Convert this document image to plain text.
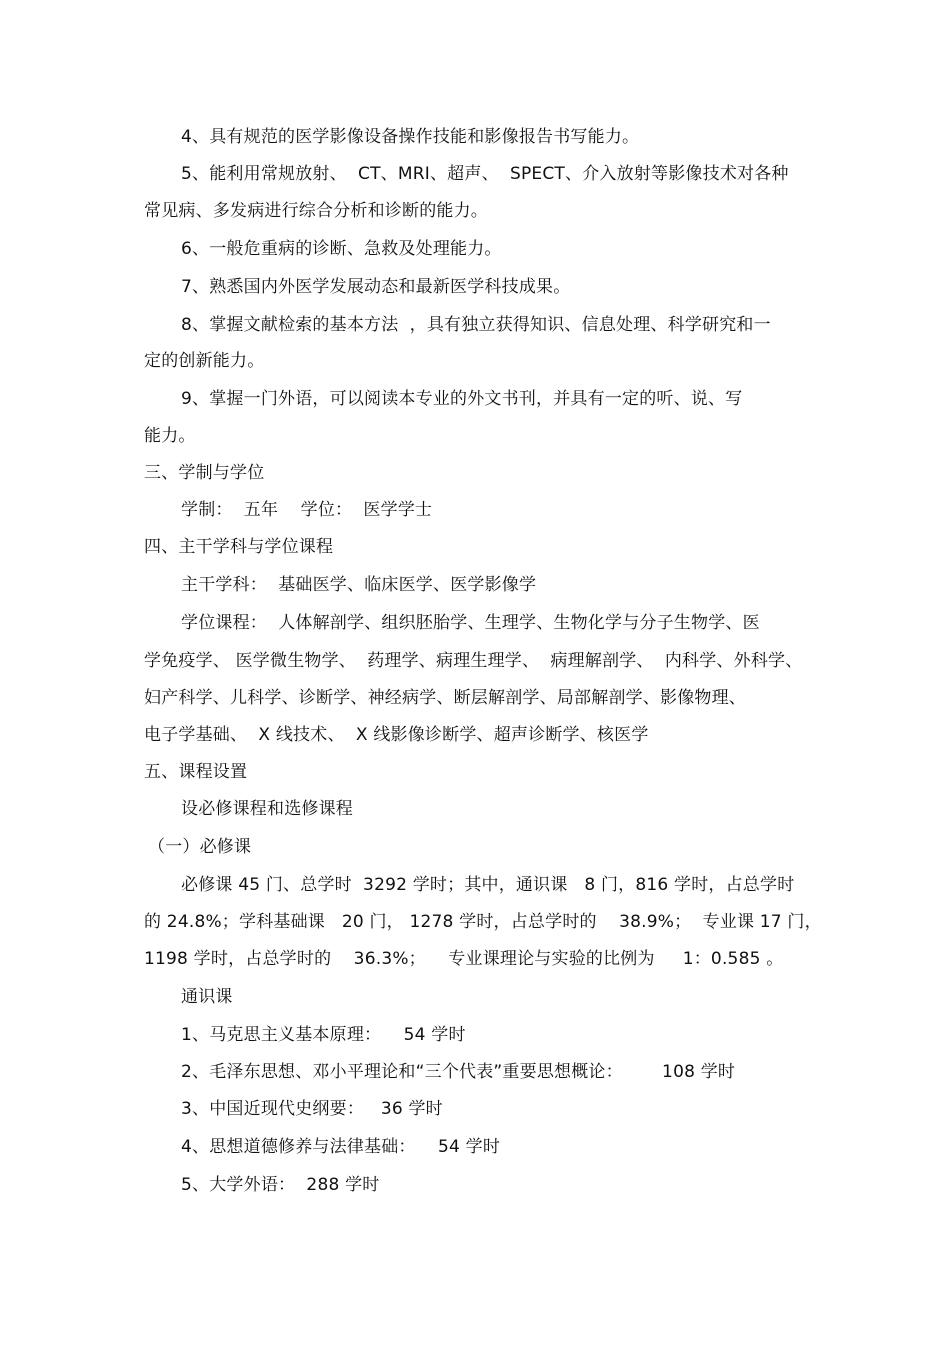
4、具有规范的医学影像设备操作技能和影像报告书写能力。
5、能利用常规放射、  CT、MRI、超声、  SPECT、介入放射等影像技术对各种
常见病、多发病进行综合分析和诊断的能力。
6、一般危重病的诊断、急救及处理能力。
7、熟悉国内外医学发展动态和最新医学科技成果。
8、掌握文献检索的基本方法  ，具有独立获得知识、信息处理、科学研究和一
定的创新能力。
9、掌握一门外语，可以阅读本专业的外文书刊，并具有一定的听、说、写
能力。
三、学制与学位
学制：  五年    学位：  医学学士
四、主干学科与学位课程
主干学科：  基础医学、临床医学、医学影像学
学位课程：  人体解剖学、组织胚胎学、生理学、生物化学与分子生物学、医
学免疫学、 医学微生物学、  药理学、病理生理学、  病理解剖学、  内科学、外科学、
妇产科学、儿科学、诊断学、神经病学、断层解剖学、局部解剖学、影像物理、
电子学基础、  X 线技术、  X 线影像诊断学、超声诊断学、核医学
五、课程设置
设必修课程和选修课程
（一）必修课
必修课 45 门、总学时  3292 学时；其中，通识课   8 门，816 学时，占总学时
的 24.8%；学科基础课   20 门， 1278 学时，占总学时的    38.9%；  专业课 17 门，
1198 学时，占总学时的    36.3%；    专业课理论与实验的比例为     1：0.585 。
通识课
1、马克思主义基本原理：    54 学时
2、毛泽东思想、邓小平理论和“三个代表”重要思想概论：       108 学时
3、中国近现代史纲要：   36 学时
4、思想道德修养与法律基础：    54 学时
5、大学外语：  288 学时
